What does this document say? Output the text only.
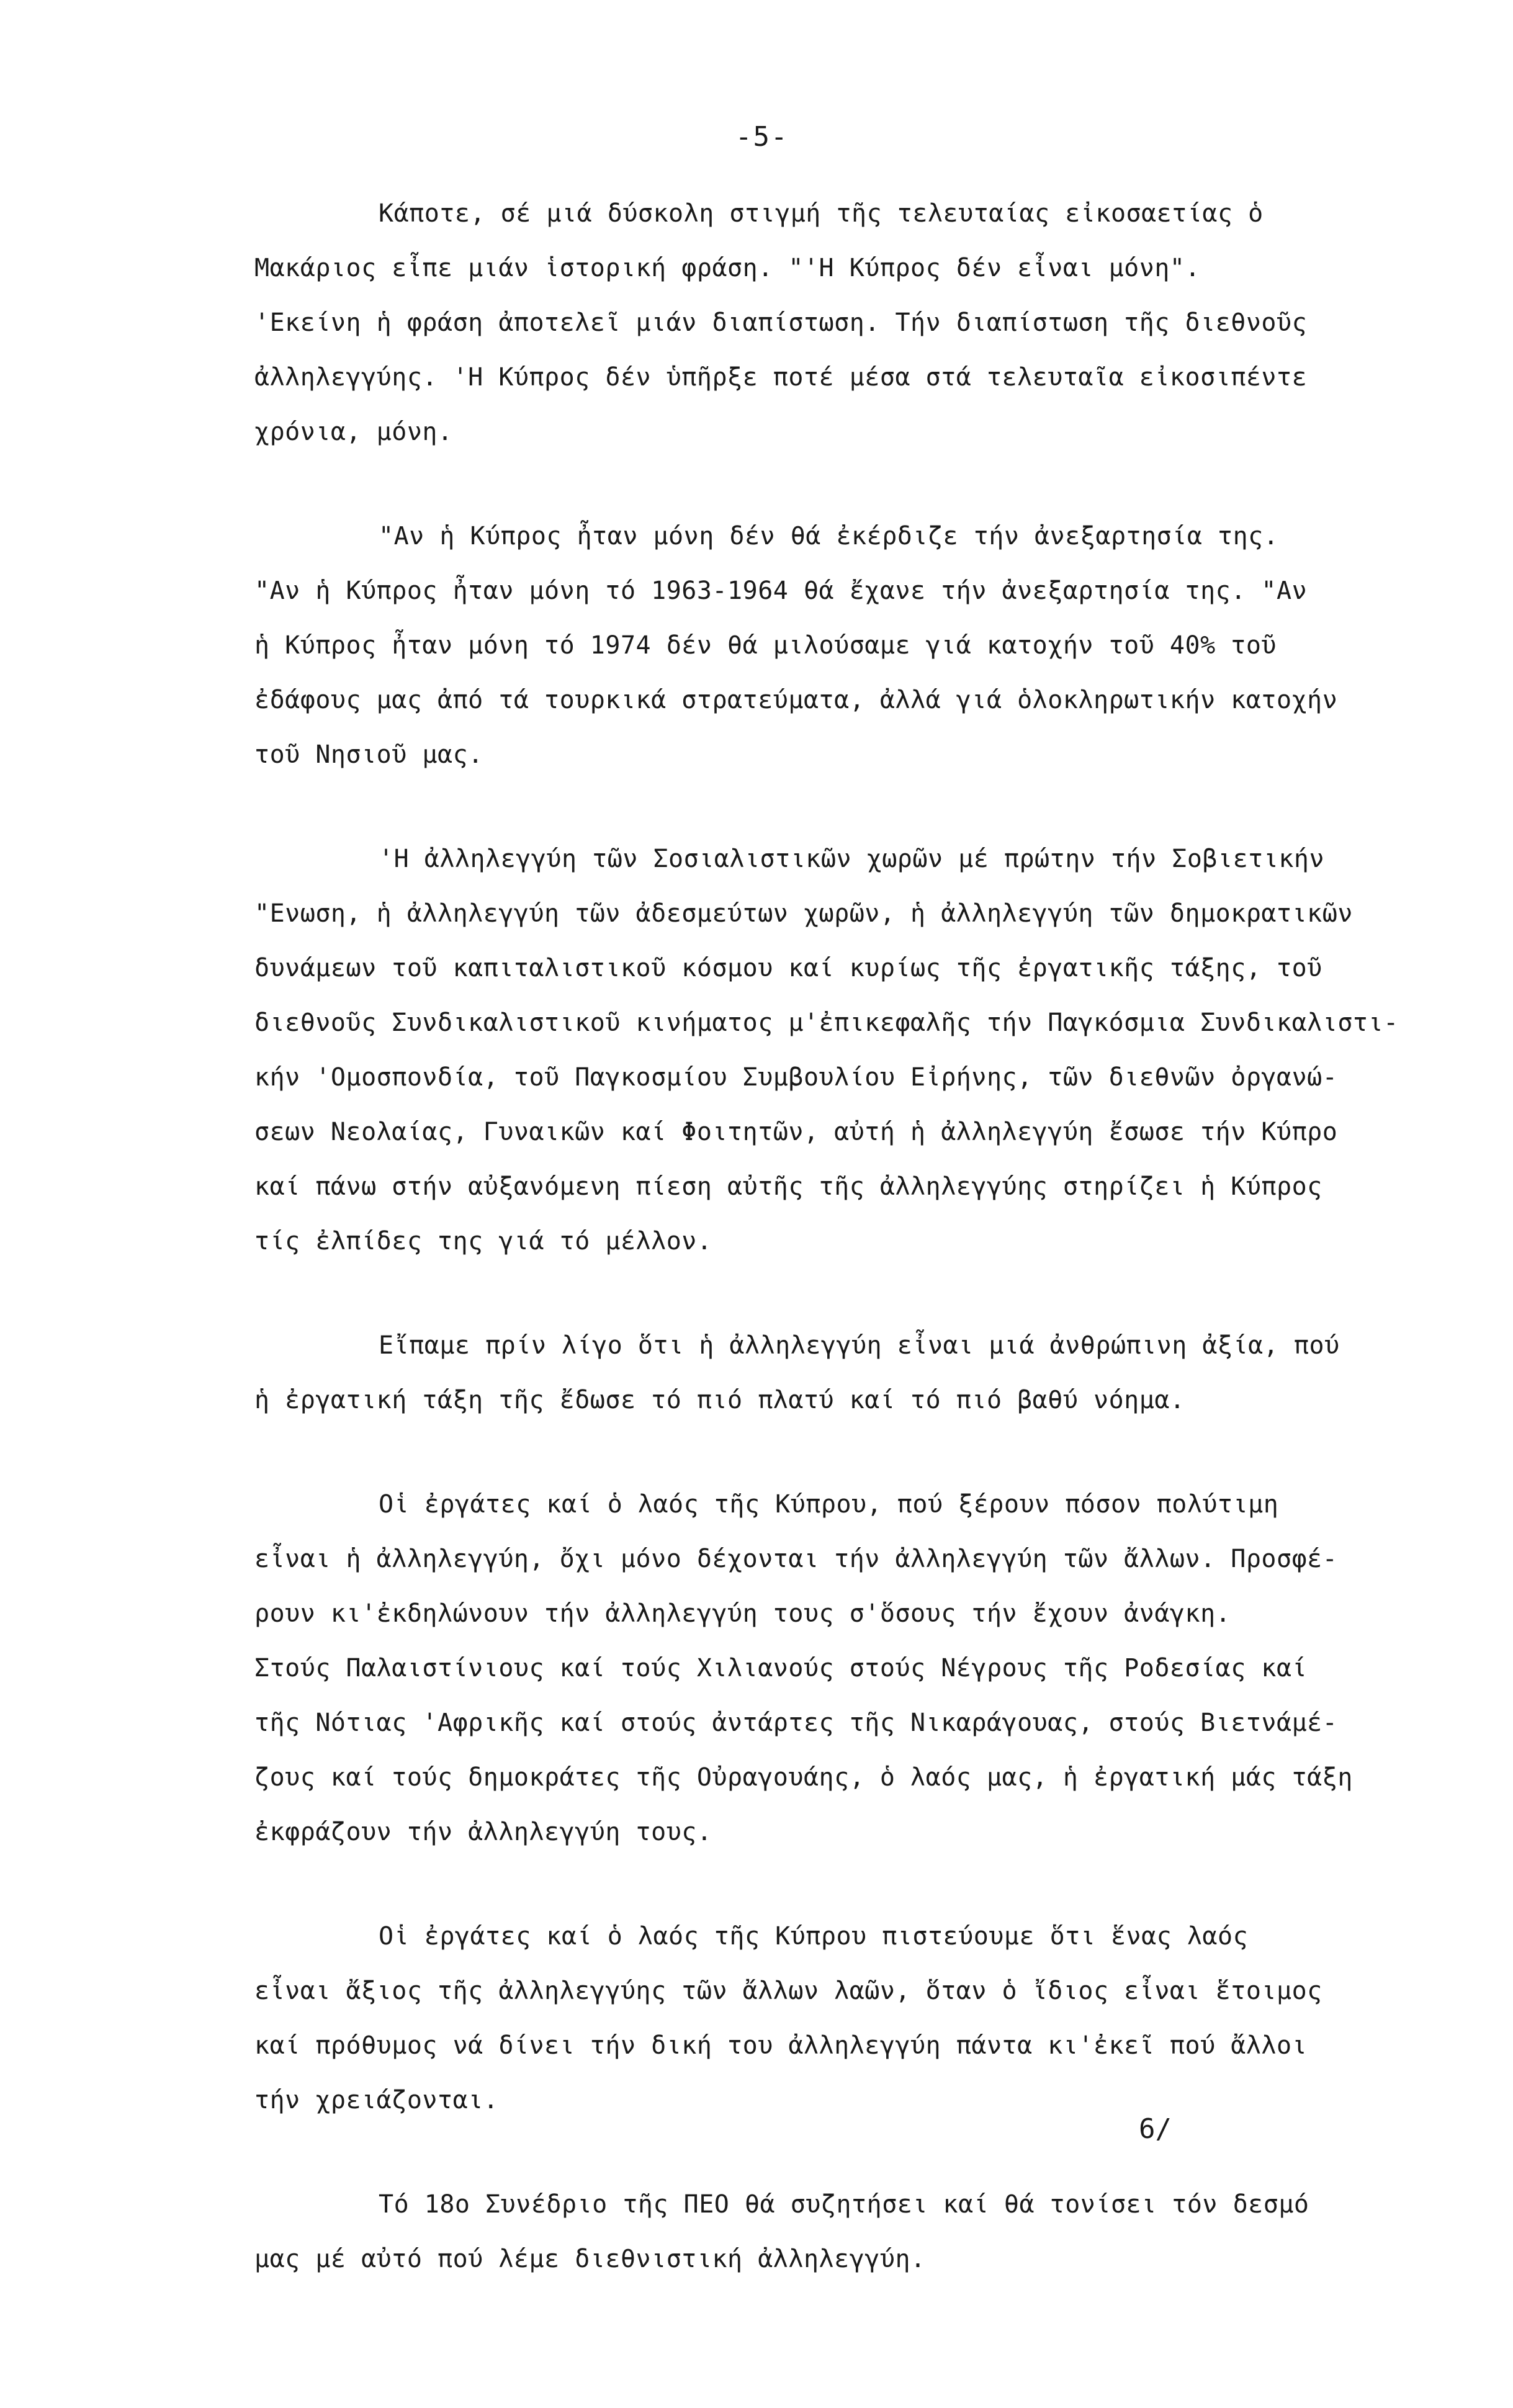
-5-
Κάποτε, σέ μιά δύσκολη στιγμή τῆς τελευταίας εἰκοσαετίας ὁ
Μακάριος εἶπε μιάν ἱστορική φράση. "'Η Κύπρος δέν εἶναι μόνη".
'Εκείνη ἡ φράση ἀποτελεῖ μιάν διαπίστωση. Τήν διαπίστωση τῆς διεθνοῦς
ἀλληλεγγύης. 'Η Κύπρος δέν ὑπῆρξε ποτέ μέσα στά τελευταῖα εἰκοσιπέντε
χρόνια, μόνη.
"Αν ἡ Κύπρος ἦταν μόνη δέν θά ἐκέρδιζε τήν ἀνεξαρτησία της.
"Αν ἡ Κύπρος ἦταν μόνη τό 1963-1964 θά ἔχανε τήν ἀνεξαρτησία της. "Αν
ἡ Κύπρος ἦταν μόνη τό 1974 δέν θά μιλούσαμε γιά κατοχήν τοῦ 40% τοῦ
ἐδάφους μας ἀπό τά τουρκικά στρατεύματα, ἀλλά γιά ὁλοκληρωτικήν κατοχήν
τοῦ Νησιοῦ μας.
'Η ἀλληλεγγύη τῶν Σοσιαλιστικῶν χωρῶν μέ πρώτην τήν Σοβιετικήν
"Ενωση, ἡ ἀλληλεγγύη τῶν ἀδεσμεύτων χωρῶν, ἡ ἀλληλεγγύη τῶν δημοκρατικῶν
δυνάμεων τοῦ καπιταλιστικοῦ κόσμου καί κυρίως τῆς ἐργατικῆς τάξης, τοῦ
διεθνοῦς Συνδικαλιστικοῦ κινήματος μ'ἐπικεφαλῆς τήν Παγκόσμια Συνδικαλιστι-
κήν 'Ομοσπονδία, τοῦ Παγκοσμίου Συμβουλίου Εἰρήνης, τῶν διεθνῶν ὀργανώ-
σεων Νεολαίας, Γυναικῶν καί Φοιτητῶν, αὐτή ἡ ἀλληλεγγύη ἔσωσε τήν Κύπρο
καί πάνω στήν αὐξανόμενη πίεση αὐτῆς τῆς ἀλληλεγγύης στηρίζει ἡ Κύπρος
τίς ἐλπίδες της γιά τό μέλλον.
Εἴπαμε πρίν λίγο ὅτι ἡ ἀλληλεγγύη εἶναι μιά ἀνθρώπινη ἀξία, πού
ἡ ἐργατική τάξη τῆς ἔδωσε τό πιό πλατύ καί τό πιό βαθύ νόημα.
Οἱ ἐργάτες καί ὁ λαός τῆς Κύπρου, πού ξέρουν πόσον πολύτιμη
εἶναι ἡ ἀλληλεγγύη, ὄχι μόνο δέχονται τήν ἀλληλεγγύη τῶν ἄλλων. Προσφέ-
ρουν κι'ἐκδηλώνουν τήν ἀλληλεγγύη τους σ'ὅσους τήν ἔχουν ἀνάγκη.
Στούς Παλαιστίνιους καί τούς Χιλιανούς στούς Νέγρους τῆς Ροδεσίας καί
τῆς Νότιας 'Αφρικῆς καί στούς ἀντάρτες τῆς Νικαράγουας, στούς Βιετνάμέ-
ζους καί τούς δημοκράτες τῆς Οὐραγουάης, ὁ λαός μας, ἡ ἐργατική μάς τάξη
ἐκφράζουν τήν ἀλληλεγγύη τους.
Οἱ ἐργάτες καί ὁ λαός τῆς Κύπρου πιστεύουμε ὅτι ἕνας λαός
εἶναι ἄξιος τῆς ἀλληλεγγύης τῶν ἄλλων λαῶν, ὅταν ὁ ἴδιος εἶναι ἕτοιμος
καί πρόθυμος νά δίνει τήν δική του ἀλληλεγγύη πάντα κι'ἐκεῖ πού ἄλλοι
τήν χρειάζονται.
Τό 18ο Συνέδριο τῆς ΠΕΟ θά συζητήσει καί θά τονίσει τόν δεσμό
μας μέ αὐτό πού λέμε διεθνιστική ἀλληλεγγύη.
6/
